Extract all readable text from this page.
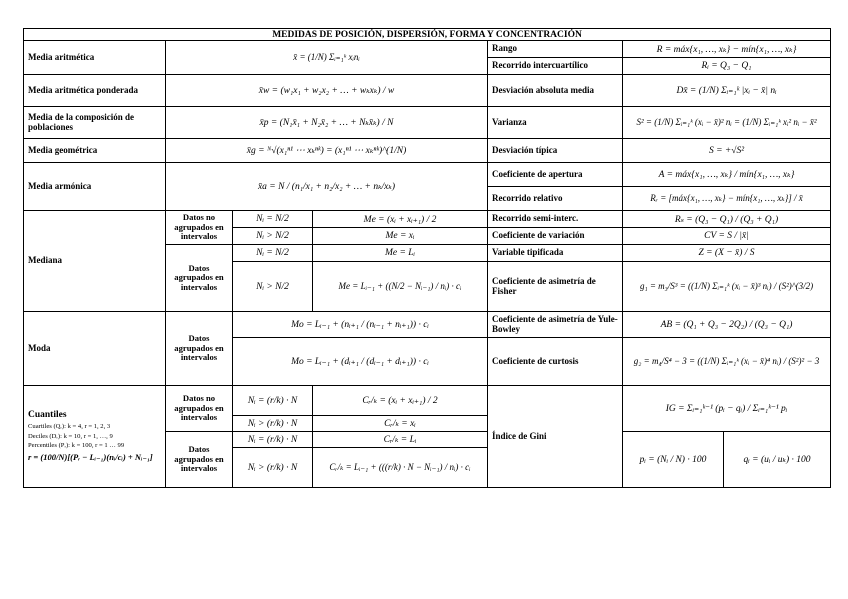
MEDIDAS DE POSICIÓN, DISPERSIÓN, FORMA Y CONCENTRACIÓN						
Media aritmética	x̄ = (1/N) Σᵢ₌₁ᵏ xᵢnᵢ			Rango	R = máx{x₁, …, xₖ} − mín{x₁, …, xₖ}	
				Recorrido intercuartílico	Rᵢ = Q₃ − Q₁	
Media aritmética ponderada	x̄w = (w₁x₁ + w₂x₂ + … + wₖxₖ) / w			Desviación absoluta media	Dx̄ = (1/N) Σᵢ₌₁ᵏ |xᵢ − x̄| nᵢ	
Media de la composición de poblaciones	x̄p = (N₁x̄₁ + N₂x̄₂ + … + Nₖx̄ₖ) / N			Varianza	S² = (1/N) Σᵢ₌₁ᵏ (xᵢ − x̄)² nᵢ = (1/N) Σᵢ₌₁ᵏ xᵢ² nᵢ − x̄²	
Media geométrica	x̄g = ᴺ√(x₁ⁿ¹ ⋯ xₖⁿᵏ) = (x₁ⁿ¹ ⋯ xₖⁿᵏ)^(1/N)			Desviación típica	S = +√S²	
Media armónica	x̄a = N / (n₁/x₁ + n₂/x₂ + … + nₖ/xₖ)			Coeficiente de apertura	A = máx{x₁, …, xₖ} / mín{x₁, …, xₖ}	
				Recorrido relativo	Rᵣ = [máx{x₁, …, xₖ} − mín{x₁, …, xₖ}] / x̄	
Mediana	Datos no agrupados en intervalos	Nᵢ = N/2	Me = (xᵢ + xᵢ₊₁) / 2	Recorrido semi-interc.	Rₛ = (Q₃ − Q₁) / (Q₃ + Q₁)	
		Nᵢ > N/2	Me = xᵢ	Coeficiente de variación	CV = S / |x̄|	
	Datos agrupados en intervalos	Nᵢ = N/2	Me = Lᵢ	Variable tipificada	Z = (X − x̄) / S	
		Nᵢ > N/2	Me = Lᵢ₋₁ + ((N/2 − Nᵢ₋₁) / nᵢ) · cᵢ	Coeficiente de asimetría de Fisher	g₁ = m₃/S³ = ((1/N) Σᵢ₌₁ᵏ (xᵢ − x̄)³ nᵢ) / (S²)^(3/2)	
Moda	Datos agrupados en intervalos	Mo = Lᵢ₋₁ + (nᵢ₊₁ / (nᵢ₋₁ + nᵢ₊₁)) · cᵢ		Coeficiente de asimetría de Yule-Bowley	AB = (Q₁ + Q₃ − 2Q₂) / (Q₃ − Q₁)	
		Mo = Lᵢ₋₁ + (dᵢ₊₁ / (dᵢ₋₁ + dᵢ₊₁)) · cᵢ		Coeficiente de curtosis	g₂ = m₄/S⁴ − 3 = ((1/N) Σᵢ₌₁ᵏ (xᵢ − x̄)⁴ nᵢ) / (S²)² − 3	

Cuantiles
Cuartiles (Qᵣ): k = 4, r = 1, 2, 3
Deciles (Dᵣ): k = 10, r = 1, …, 9
Percentiles (Pᵣ): k = 100, r = 1 … 99
r = (100/N)[(Pᵣ − Lᵢ₋₁)(nᵢ/cᵢ) + Nᵢ₋₁]	Datos no agrupados en intervalos	Nᵢ = (r/k) · N	Cᵣ/ₖ = (xᵢ + xᵢ₊₁) / 2	Índice de Gini	IG = Σᵢ₌₁ᵏ⁻¹ (pᵢ − qᵢ) / Σᵢ₌₁ᵏ⁻¹ pᵢ	
		Nᵢ > (r/k) · N	Cᵣ/ₖ = xᵢ			
	Datos agrupados en intervalos	Nᵢ = (r/k) · N	Cᵣ/ₖ = Lᵢ		pᵢ = (Nᵢ / N) · 100	qᵢ = (uᵢ / uₖ) · 100
		Nᵢ > (r/k) · N	Cᵣ/ₖ = Lᵢ₋₁ + (((r/k) · N − Nᵢ₋₁) / nᵢ) · cᵢ			
